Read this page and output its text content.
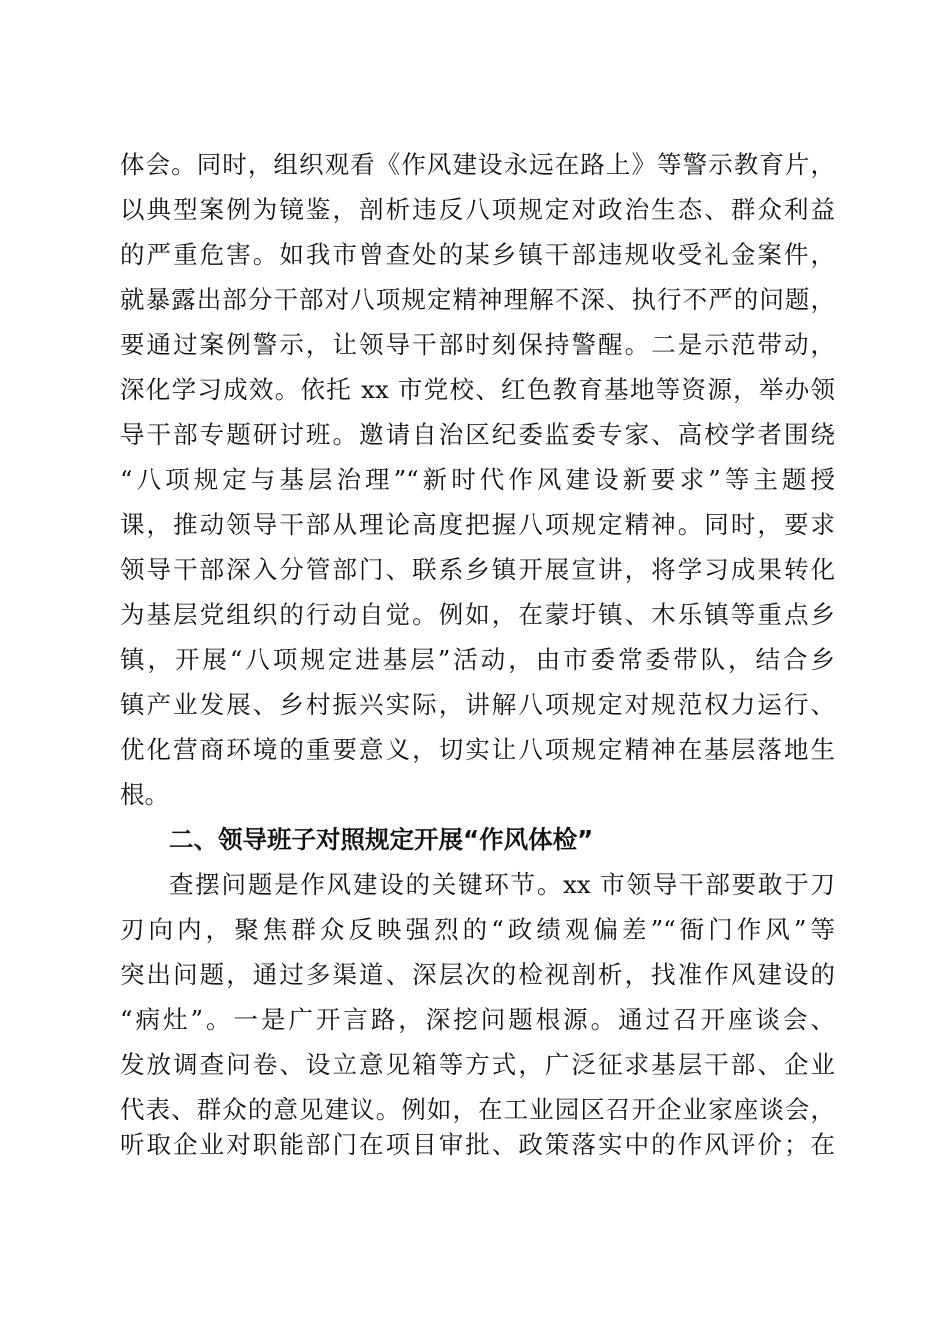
体会。同时，组织观看《作风建设永远在路上》等警示教育片，
以典型案例为镜鉴，剖析违反八项规定对政治生态、群众利益
的严重危害。如我市曾查处的某乡镇干部违规收受礼金案件，
就暴露出部分干部对八项规定精神理解不深、执行不严的问题，
要通过案例警示，让领导干部时刻保持警醒。二是示范带动，
深化学习成效。依托 xx 市党校、红色教育基地等资源，举办领
导干部专题研讨班。邀请自治区纪委监委专家、高校学者围绕
“八项规定与基层治理”“新时代作风建设新要求”等主题授
课，推动领导干部从理论高度把握八项规定精神。同时，要求
领导干部深入分管部门、联系乡镇开展宣讲，将学习成果转化
为基层党组织的行动自觉。例如，在蒙圩镇、木乐镇等重点乡
镇，开展“八项规定进基层”活动，由市委常委带队，结合乡
镇产业发展、乡村振兴实际，讲解八项规定对规范权力运行、
优化营商环境的重要意义，切实让八项规定精神在基层落地生
根。
二、领导班子对照规定开展“作风体检”
查摆问题是作风建设的关键环节。xx 市领导干部要敢于刀
刃向内，聚焦群众反映强烈的“政绩观偏差”“衙门作风”等
突出问题，通过多渠道、深层次的检视剖析，找准作风建设的
“病灶”。一是广开言路，深挖问题根源。通过召开座谈会、
发放调查问卷、设立意见箱等方式，广泛征求基层干部、企业
代表、群众的意见建议。例如，在工业园区召开企业家座谈会，
听取企业对职能部门在项目审批、政策落实中的作风评价；在
